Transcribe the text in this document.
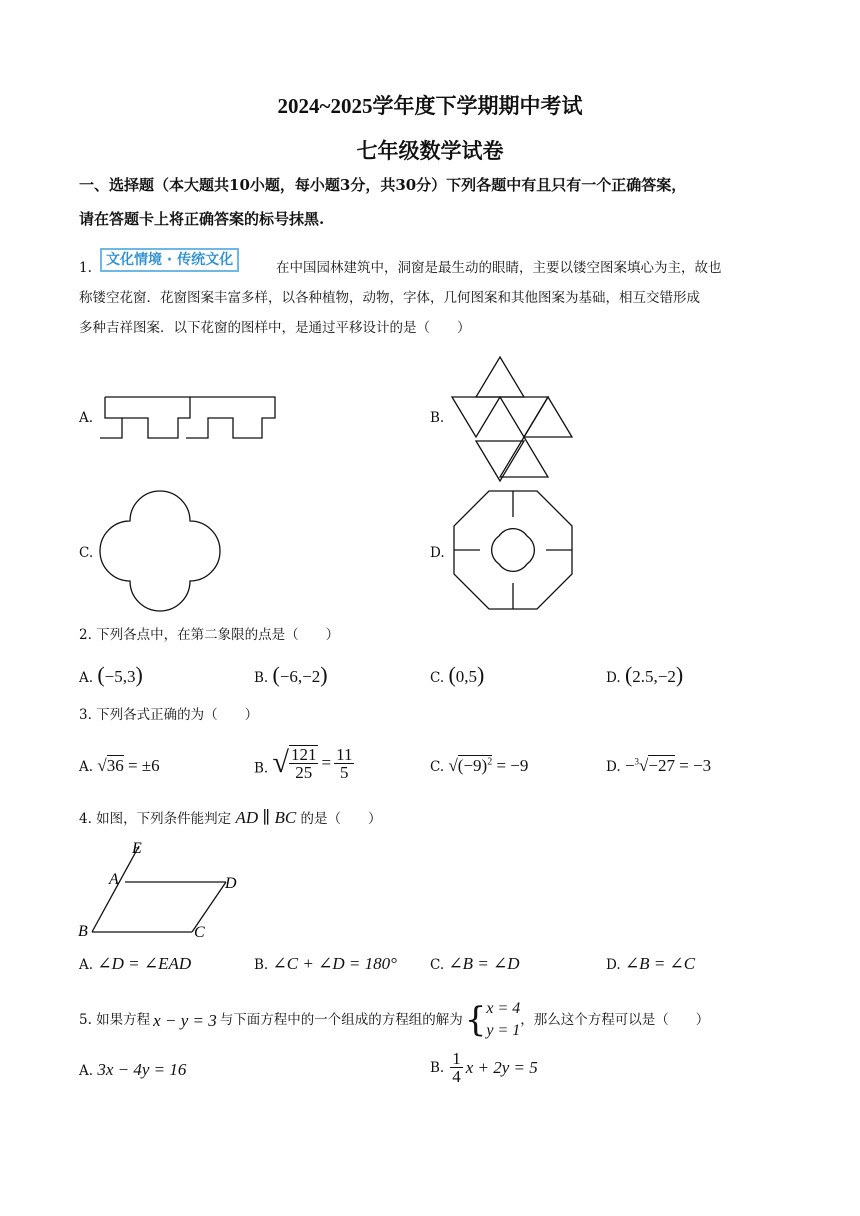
2024~2025学年度下学期期中考试
七年级数学试卷
一、选择题（本大题共10小题，每小题3分，共30分）下列各题中有且只有一个正确答案，
请在答题卡上将正确答案的标号抹黑.
1.	文化情境 · 传统文化	在中国园林建筑中，洞窗是最生动的眼睛，主要以镂空图案填心为主，故也
称镂空花窗．花窗图案丰富多样，以各种植物，动物，字体，几何图案和其他图案为基础，相互交错形成
多种吉祥图案．以下花窗的图样中，是通过平移设计的是（　　）
A.	B.
C.	D.
2. 下列各点中，在第二象限的点是（　　）
A. (−5,3)	B. (−6,−2)	C. (0,5)	D. (2.5,−2)
3. 下列各式正确的为（　　）
A. √36 = ±6	B. √ $\frac{121}{25} = \frac{11}{5}$	C. $√(-9)^2 = -9$	D. −$^3$√−27 = −3
4. 如图，下列条件能判定 AD ∥ BC 的是（　　）
E
A	D
B	C
A. ∠D = ∠EAD	B. ∠C + ∠D = 180° C. ∠B = ∠D	D. ∠B = ∠C
5. 如果方程 x − y = 3 与下面方程中的一个组成的方程组的解为 { x = 4
y = 1
，那么这个方程可以是（　　）
A. 3x − 4y = 16	B. $\frac{1}{4}$ x + 2y = 5
